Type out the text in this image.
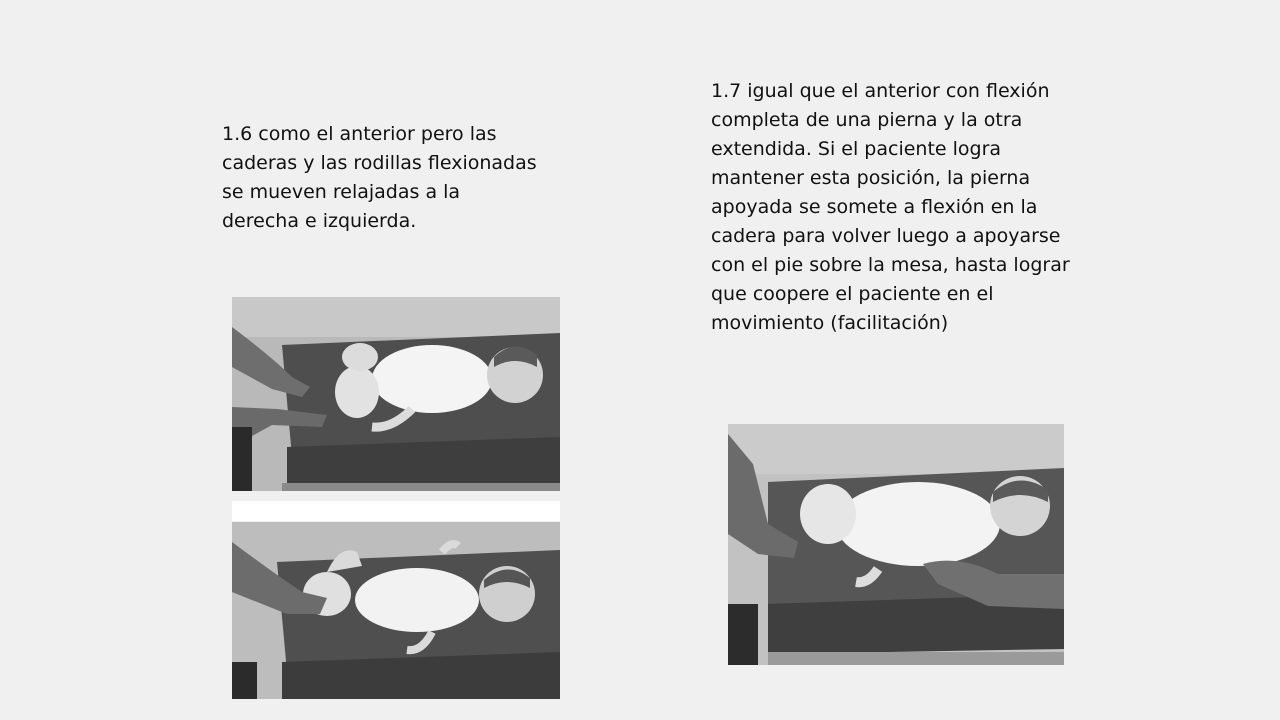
1.6 como el anterior pero las
caderas y las rodillas flexionadas
se mueven relajadas a la
derecha e izquierda.

1.7 igual que el anterior con flexión
completa de una pierna y la otra
extendida. Si el paciente logra
mantener esta posición, la pierna
apoyada se somete a flexión en la
cadera para volver luego a apoyarse
con el pie sobre la mesa, hasta lograr
que coopere el paciente en el
movimiento (facilitación)
